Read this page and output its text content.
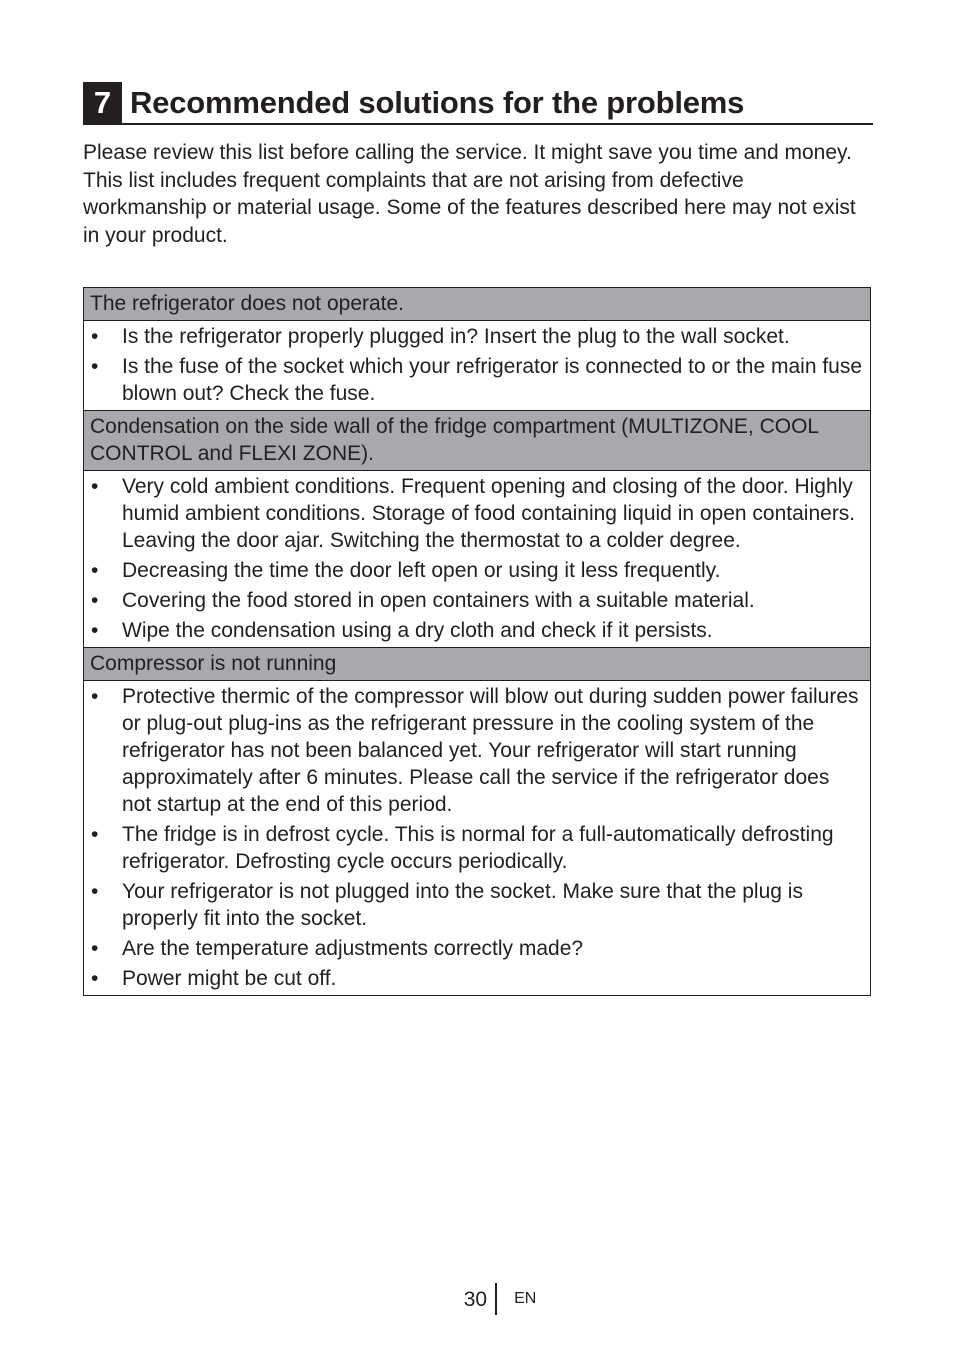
7 Recommended solutions for the problems

Please review this list before calling the service. It might save you time and money. This list includes frequent complaints that are not arising from defective workmanship or material usage. Some of the features described here may not exist in your product.

The refrigerator does not operate.
• Is the refrigerator properly plugged in? Insert the plug to the wall socket.
• Is the fuse of the socket which your refrigerator is connected to or the main fuse blown out? Check the fuse.
Condensation on the side wall of the fridge compartment (MULTIZONE, COOL CONTROL and FLEXI ZONE).
• Very cold ambient conditions. Frequent opening and closing of the door. Highly humid ambient conditions. Storage of food containing liquid in open containers. Leaving the door ajar. Switching the thermostat to a colder degree.
• Decreasing the time the door left open or using it less frequently.
• Covering the food stored in open containers with a suitable material.
• Wipe the condensation using a dry cloth and check if it persists.
Compressor is not running
• Protective thermic of the compressor will blow out during sudden power failures or plug-out plug-ins as the refrigerant pressure in the cooling system of the refrigerator has not been balanced yet. Your refrigerator will start running approximately after 6 minutes. Please call the service if the refrigerator does not startup at the end of this period.
• The fridge is in defrost cycle. This is normal for a full-automatically defrosting refrigerator. Defrosting cycle occurs periodically.
• Your refrigerator is not plugged into the socket. Make sure that the plug is properly fit into the socket.
• Are the temperature adjustments correctly made?
• Power might be cut off.
30	EN
